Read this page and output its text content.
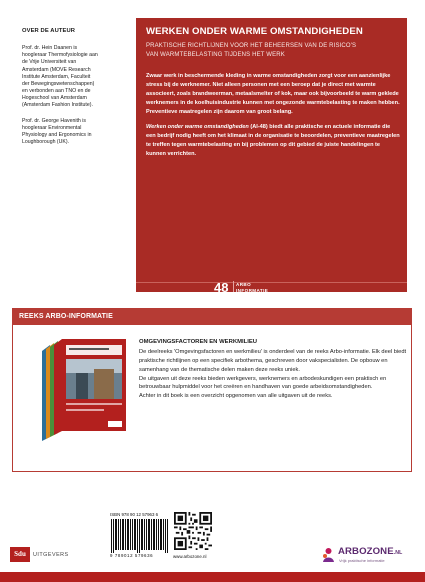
OVER DE AUTEUR

Prof. dr. Hein Daanen is hoogleraar Thermofysiologie aan de Vrije Universiteit van Amsterdam (MOVE Research Institute Amsterdam, Faculteit der Bewegingswetenschappen) en verbonden aan TNO en de Hogeschool van Amsterdam (Amsterdam Fashion Institute).

Prof. dr. George Havenith is hoogleraar Environmental Physiology and Ergonomics in Loughborough (UK).

WERKEN ONDER WARME OMSTANDIGHEDEN
PRAKTISCHE RICHTLIJNEN VOOR HET BEHEERSEN VAN DE RISICO'S
VAN WARMTEBELASTING TIJDENS HET WERK

Zwaar werk in beschermende kleding in warme omstandigheden zorgt voor een aanzienlijke stress bij de werknemer. Niet alleen personen met een beroep dat je direct met warmte associeert, zoals brandweerman, metaalsmelter of kok, maar ook bijvoorbeeld te warm geklede werknemers in de koelhuisindustrie kunnen met ongezonde warmtebelasting te maken hebben. Preventieve maatregelen zijn daarom van groot belang.

Werken onder warme omstandigheden (AI-48) biedt alle praktische en actuele informatie die een bedrijf nodig heeft om het klimaat in de organisatie te beoordelen, preventieve maatregelen te treffen tegen warmtebelasting en bij problemen op dit gebied de juiste handelingen te kunnen verrichten.

48 ARBO
INFORMATIE
REEKS ARBO-INFORMATIE
OMGEVINGSFACTOREN EN WERKMILIEU

De deelreeks 'Omgevingsfactoren en werkmilieu' is onderdeel van de reeks Arbo-informatie. Elk deel biedt praktische richtlijnen op een specifiek arbothema, geschreven door vakspecialisten. De opbouw en samenhang van de thematische delen maken deze reeks uniek.

De uitgaven uit deze reeks bieden werkgevers, werknemers en arbodeskundigen een praktisch en betrouwbaar hulpmiddel voor het creëren en handhaven van goede arbeidsomstandigheden.

Achter in dit boek is een overzicht opgenomen van alle uitgaven uit de reeks.

ISBN 978 90 12 57963 6
9 789012 579636	www.arbozone.nl
Sdu	UITGEVERS	ARBOZONE.NL
Vrijk praktische informatie
